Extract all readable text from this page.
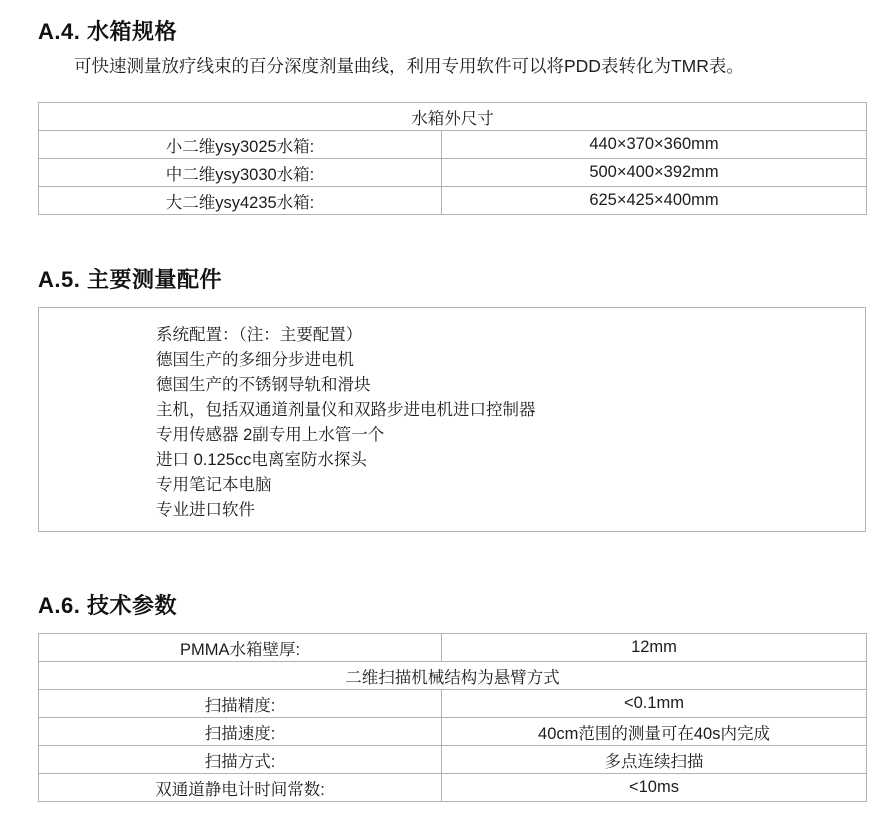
A.4. 水箱规格

可快速测量放疗线束的百分深度剂量曲线，利用专用软件可以将PDD表转化为TMR表。

水箱外尺寸	
小二维ysy3025水箱:	440×370×360mm
中二维ysy3030水箱:	500×400×392mm
大二维ysy4235水箱:	625×425×400mm
A.5. 主要测量配件
系统配置：（注：主要配置）
德国生产的多细分步进电机
德国生产的不锈钢导轨和滑块
主机，包括双通道剂量仪和双路步进电机进口控制器
专用传感器 2副专用上水管一个
进口 0.125cc电离室防水探头
专用笔记本电脑
专业进口软件
A.6. 技术参数
PMMA水箱壁厚:	12mm
二维扫描机械结构为悬臂方式	
扫描精度:	<0.1mm
扫描速度:	40cm范围的测量可在40s内完成
扫描方式:	多点连续扫描
双通道静电计时间常数:	<10ms
